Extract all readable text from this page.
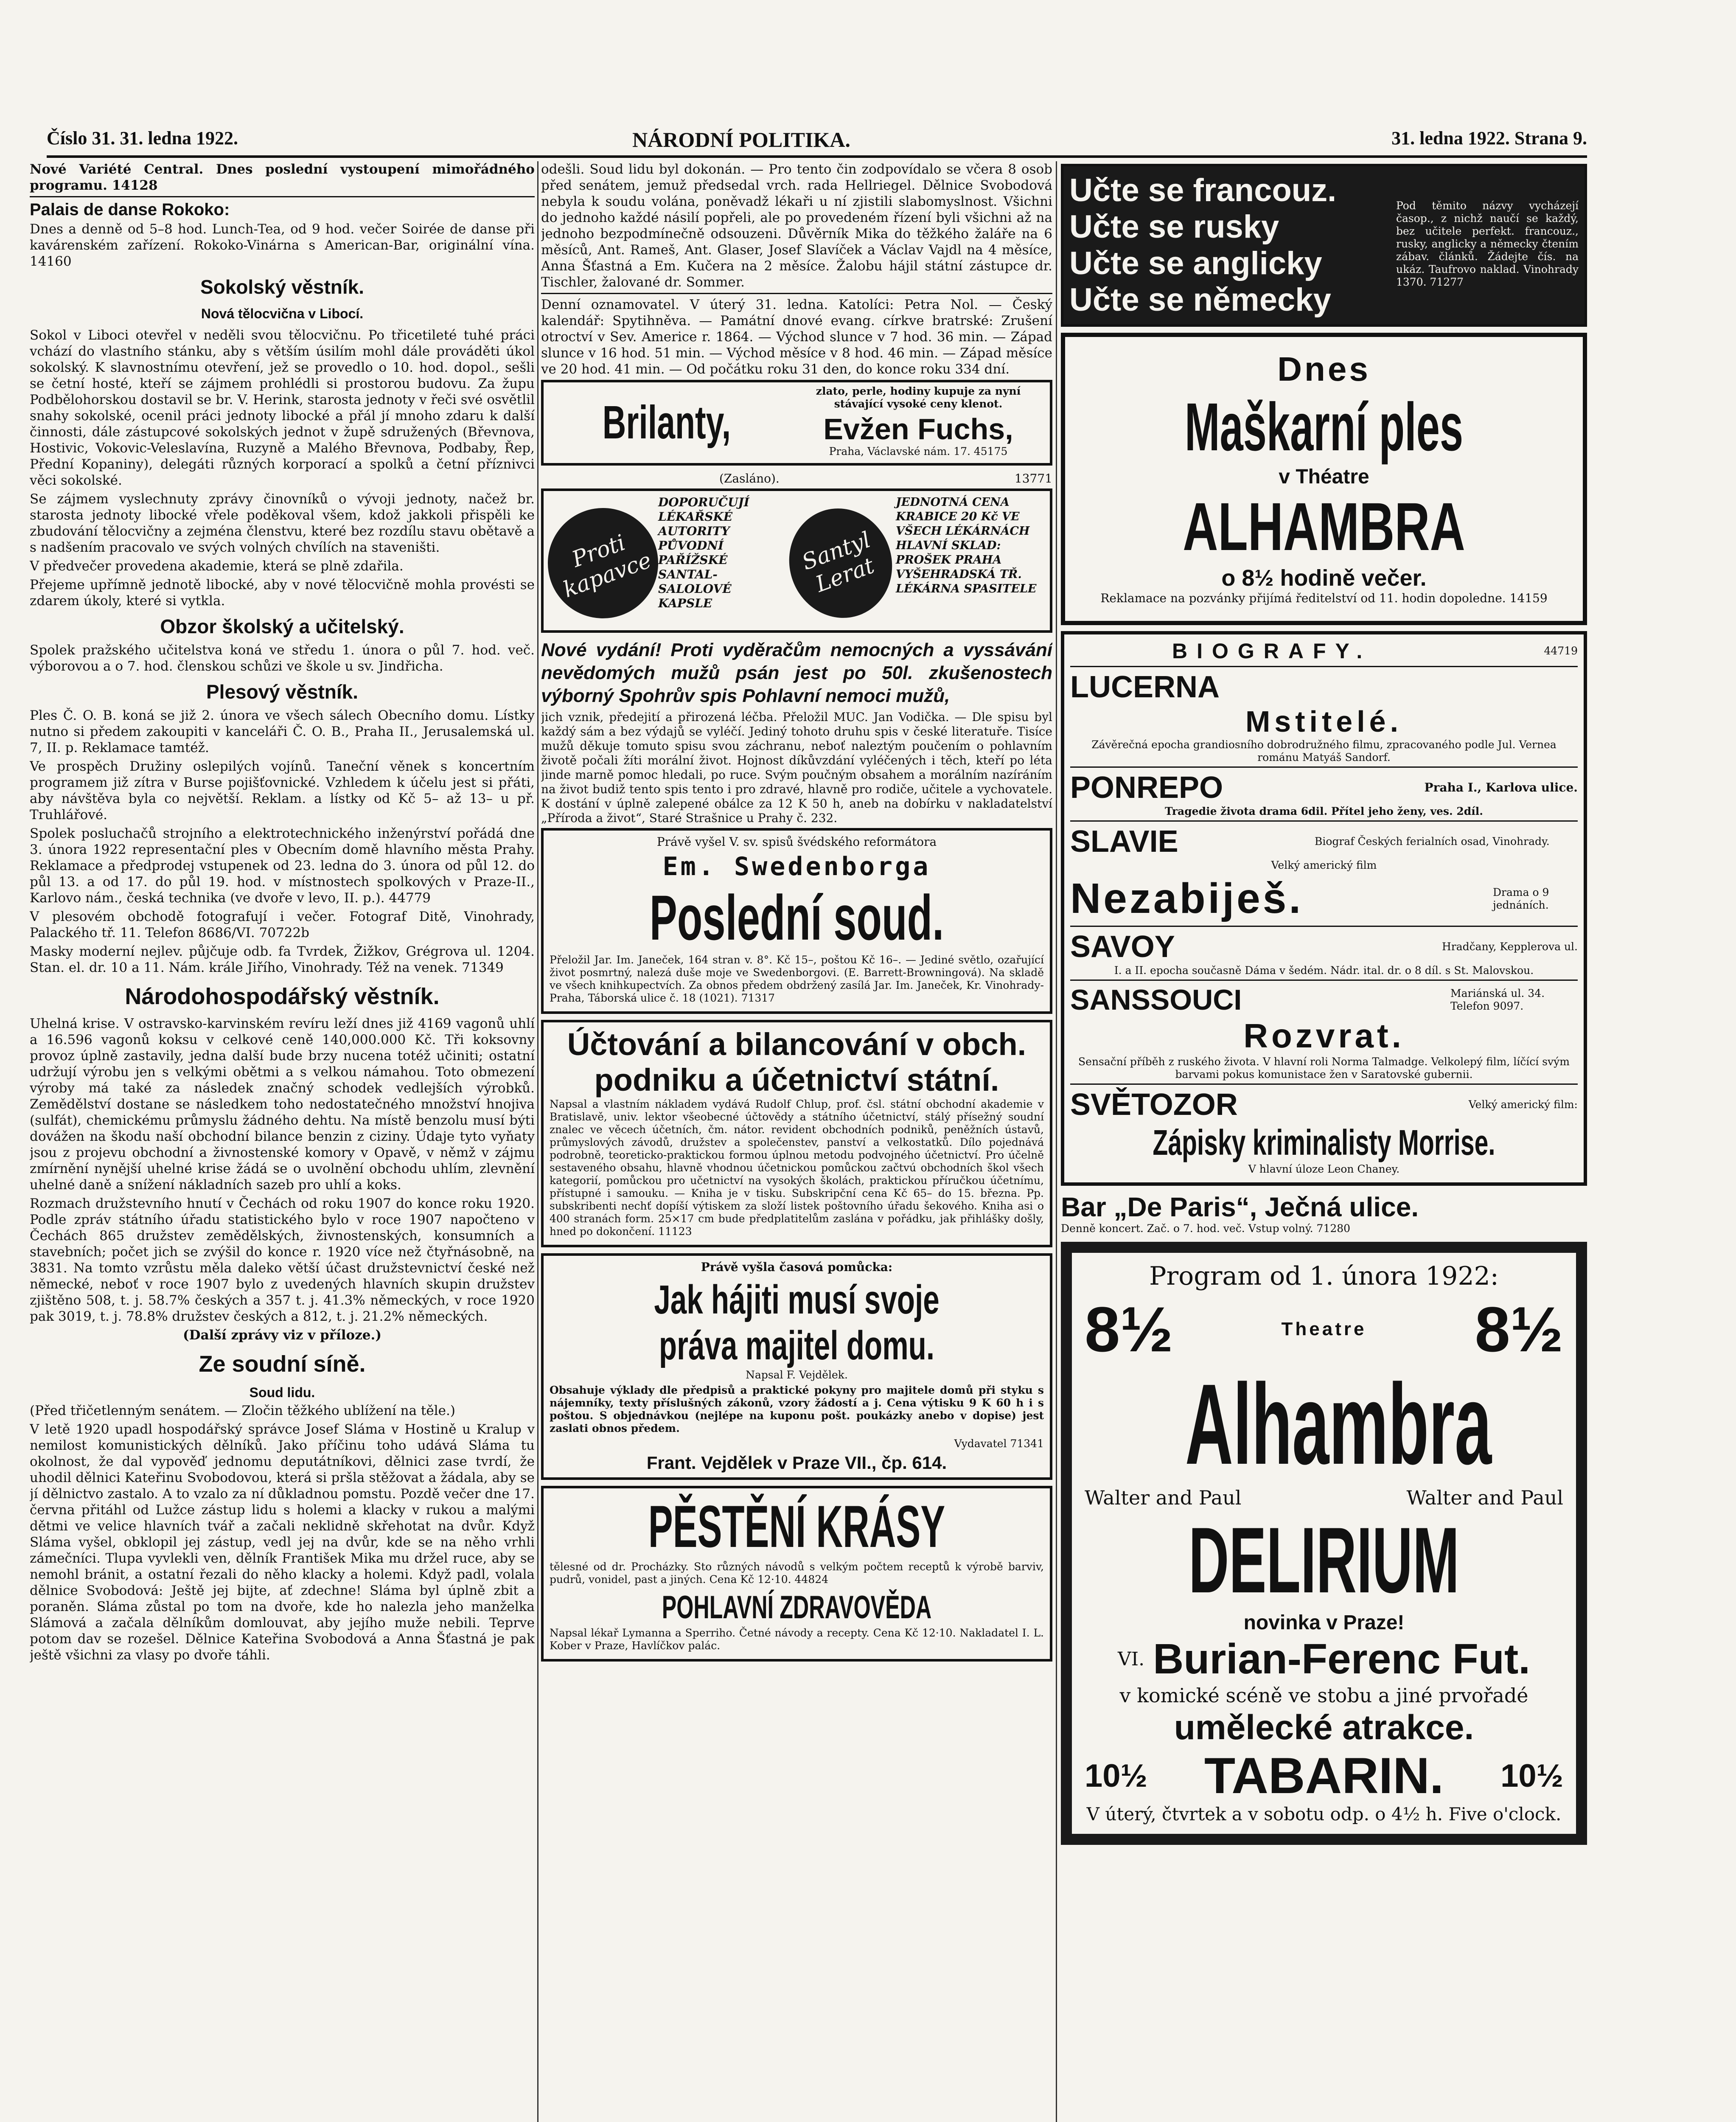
Číslo 31. 31. ledna 1922.	NÁRODNÍ POLITIKA.	31. ledna 1922. Strana 9.

Nové Variété Central. Dnes poslední vystoupení mimořádného programu. 14128

Palais de danse Rokoko:

Dnes a denně od 5–8 hod. Lunch-Tea, od 9 hod. večer Soirée de danse při kavárenském zařízení. Rokoko-Vinárna s American-Bar, originální vína. 14160

Sokolský věstník.
Nová tělocvična v Libocí.

Sokol v Liboci otevřel v neděli svou tělocvičnu. Po třicetileté tuhé práci vchází do vlastního stánku, aby s větším úsilím mohl dále prováděti úkol sokolský. K slavnostnímu otevření, jež se provedlo o 10. hod. dopol., sešli se četní hosté, kteří se zájmem prohlédli si prostorou budovu. Za župu Podbělohorskou dostavil se br. V. Herink, starosta jednoty v řeči své osvětlil snahy sokolské, ocenil práci jednoty libocké a přál jí mnoho zdaru k další činnosti, dále zástupcové sokolských jednot v župě sdružených (Břevnova, Hostivic, Vokovic-Veleslavína, Ruzyně a Malého Břevnova, Podbaby, Řep, Přední Kopaniny), delegáti různých korporací a spolků a četní příznivci věci sokolské.

Se zájmem vyslechnuty zprávy činovníků o vývoji jednoty, načež br. starosta jednoty libocké vřele poděkoval všem, kdož jakkoli přispěli ke zbudování tělocvičny a zejména členstvu, které bez rozdílu stavu obětavě a s nadšením pracovalo ve svých volných chvílích na staveništi.

V předvečer provedena akademie, která se plně zdařila.

Přejeme upřímně jednotě libocké, aby v nové tělocvičně mohla provésti se zdarem úkoly, které si vytkla.

Obzor školský a učitelský.

Spolek pražského učitelstva koná ve středu 1. února o půl 7. hod. več. výborovou a o 7. hod. členskou schůzi ve škole u sv. Jindřicha.

Plesový věstník.

Ples Č. O. B. koná se již 2. února ve všech sálech Obecního domu. Lístky nutno si předem zakoupiti v kanceláři Č. O. B., Praha II., Jerusalemská ul. 7, II. p. Reklamace tamtéž.

Ve prospěch Družiny oslepilých vojínů. Taneční věnek s koncertním programem již zítra v Burse pojišťovnické. Vzhledem k účelu jest si přáti, aby návštěva byla co největší. Reklam. a lístky od Kč 5– až 13– u př. Truhlářové.

Spolek posluchačů strojního a elektrotechnického inženýrství pořádá dne 3. února 1922 representační ples v Obecním domě hlavního města Prahy. Reklamace a předprodej vstupenek od 23. ledna do 3. února od půl 12. do půl 13. a od 17. do půl 19. hod. v místnostech spolkových v Praze-II., Karlovo nám., česká technika (ve dvoře v levo, II. p.). 44779

V plesovém obchodě fotografují i večer. Fotograf Ditě, Vinohrady, Palackého tř. 11. Telefon 8686/VI. 70722b

Masky moderní nejlev. půjčuje odb. fa Tvrdek, Žižkov, Grégrova ul. 1204. Stan. el. dr. 10 a 11. Nám. krále Jiřího, Vinohrady. Též na venek. 71349

Národohospodářský věstník.

Uhelná krise. V ostravsko-karvinském revíru leží dnes již 4169 vagonů uhlí a 16.596 vagonů koksu v celkové ceně 140,000.000 Kč. Tři koksovny provoz úplně zastavily, jedna další bude brzy nucena totéž učiniti; ostatní udržují výrobu jen s velkými obětmi a s velkou námahou. Toto obmezení výroby má také za následek značný schodek vedlejších výrobků. Zemědělství dostane se následkem toho nedostatečného množství hnojiva (sulfát), chemickému průmyslu žádného dehtu. Na místě benzolu musí býti dovážen na škodu naší obchodní bilance benzin z ciziny. Údaje tyto vyňaty jsou z projevu obchodní a živnostenské komory v Opavě, v němž v zájmu zmírnění nynější uhelné krise žádá se o uvolnění obchodu uhlím, zlevnění uhelné daně a snížení nákladních sazeb pro uhlí a koks.

Rozmach družstevního hnutí v Čechách od roku 1907 do konce roku 1920. Podle zpráv státního úřadu statistického bylo v roce 1907 napočteno v Čechách 865 družstev zemědělských, živnostenských, konsumních a stavebních; počet jich se zvýšil do konce r. 1920 více než čtyřnásobně, na 3831. Na tomto vzrůstu měla daleko větší účast družstevnictví české než německé, neboť v roce 1907 bylo z uvedených hlavních skupin družstev zjištěno 508, t. j. 58.7% českých a 357 t. j. 41.3% německých, v roce 1920 pak 3019, t. j. 78.8% družstev českých a 812, t. j. 21.2% německých.

(Další zprávy viz v příloze.)

Ze soudní síně.
Soud lidu.

(Před třičetlenným senátem. — Zločin těžkého ublížení na těle.)

V letě 1920 upadl hospodářský správce Josef Sláma v Hostině u Kralup v nemilost komunistických dělníků. Jako příčinu toho udává Sláma tu okolnost, že dal vypověď jednomu deputátníkovi, dělnici zase tvrdí, že uhodil dělnici Kateřinu Svobodovou, která si pršla stěžovat a žádala, aby se jí dělnictvo zastalo. A to vzalo za ní důkladnou pomstu. Pozdě večer dne 17. června přitáhl od Lužce zástup lidu s holemi a klacky v rukou a malými dětmi ve velice hlavních tvář a začali neklidně skřehotat na dvůr. Když Sláma vyšel, obklopil jej zástup, vedl jej na dvůr, kde se na něho vrhli zámečníci. Tlupa vyvlekli ven, dělník František Mika mu držel ruce, aby se nemohl bránit, a ostatní řezali do něho klacky a holemi. Když padl, volala dělnice Svobodová: Ještě jej bijte, ať zdechne! Sláma byl úplně zbit a poraněn. Sláma zůstal po tom na dvoře, kde ho nalezla jeho manželka Slámová a začala dělníkům domlouvat, aby jejího muže nebili. Teprve potom dav se rozešel. Dělnice Kateřina Svobodová a Anna Šťastná je pak ještě všichni za vlasy po dvoře táhli.

odešli. Soud lidu byl dokonán. — Pro tento čin zodpovídalo se včera 8 osob před senátem, jemuž předsedal vrch. rada Hellriegel. Dělnice Svobodová nebyla k soudu volána, poněvadž lékaři u ní zjistili slabomyslnost. Všichni do jednoho každé násilí popřeli, ale po provedeném řízení byli všichni až na jednoho bezpodmínečně odsouzeni. Důvěrník Mika do těžkého žaláře na 6 měsíců, Ant. Rameš, Ant. Glaser, Josef Slavíček a Václav Vajdl na 4 měsíce, Anna Šťastná a Em. Kučera na 2 měsíce. Žalobu hájil státní zástupce dr. Tischler, žalované dr. Sommer.

Denní oznamovatel. V úterý 31. ledna. Katolíci: Petra Nol. — Český kalendář: Spytihněva. — Památní dnové evang. církve bratrské: Zrušení otroctví v Sev. Americe r. 1864. — Východ slunce v 7 hod. 36 min. — Západ slunce v 16 hod. 51 min. — Východ měsíce v 8 hod. 46 min. — Západ měsíce ve 20 hod. 41 min. — Od počátku roku 31 den, do konce roku 334 dní.

Brilanty,

zlato, perle, hodiny kupuje za nyní stávající vysoké ceny klenot.

Evžen Fuchs,

Praha, Václavské nám. 17. 45175

(Zasláno).	13771
Proti kapavce
DOPORUČUJÍ LÉKAŘSKÉ AUTORITY PŮVODNÍ PAŘÍŽSKÉ SANTAL-SALOLOVÉ KAPSLE
Santyl Lerat
JEDNOTNÁ CENA KRABICE 20 Kč VE VŠECH LÉKÁRNÁCH HLAVNÍ SKLAD: PROŠEK PRAHA VYŠEHRADSKÁ TŘ. LÉKÁRNA SPASITELE

Nové vydání! Proti vyděračům nemocných a vyssávání nevědomých mužů psán jest po 50l. zkušenostech výborný Spohrův spis Pohlavní nemoci mužů,

jich vznik, předejití a přirozená léčba. Přeložil MUC. Jan Vodička. — Dle spisu byl každý sám a bez výdajů se vyléčí. Jediný tohoto druhu spis v české literatuře. Tisíce mužů děkuje tomuto spisu svou záchranu, neboť naleztým poučením o pohlavním životě počali žíti morální život. Hojnost díkůvzdání vyléčených i těch, kteří po léta jinde marně pomoc hledali, po ruce. Svým poučným obsahem a morálním nazíráním na život budiž tento spis tento i pro zdravé, hlavně pro rodiče, učitele a vychovatele. K dostání v úplně zalepené obálce za 12 K 50 h, aneb na dobírku v nakladatelství „Příroda a život“, Staré Strašnice u Prahy č. 232.

Právě vyšel V. sv. spisů švédského reformátora

Em. Swedenborga
Poslední soud.

Přeložil Jar. Im. Janeček, 164 stran v. 8°. Kč 15–, poštou Kč 16–. — Jediné světlo, ozařující život posmrtný, nalezá duše moje ve Swedenborgovi. (E. Barrett-Browningová). Na skladě ve všech knihkupectvích. Za obnos předem obdržený zasílá Jar. Im. Janeček, Kr. Vinohrady-Praha, Táborská ulice č. 18 (1021). 71317

Účtování a bilancování v obch. podniku a účetnictví státní.

Napsal a vlastním nákladem vydává Rudolf Chlup, prof. čsl. státní obchodní akademie v Bratislavě, univ. lektor všeobecné účtovědy a státního účetnictví, stálý přísežný soudní znalec ve věcech účetních, čm. nátor. revident obchodních podniků, peněžních ústavů, průmyslových závodů, družstev a společenstev, panství a velkostatků. Dílo pojednává podrobně, teoreticko-praktickou formou úplnou metodu podvojného účetnictví. Pro účelně sestaveného obsahu, hlavně vhodnou účetnickou pomůckou začtvú obchodních škol všech kategorií, pomůckou pro učetnictví na vysokých školách, praktickou příručkou účetnímu, přístupné i samouku. — Kniha je v tisku. Subskripční cena Kč 65– do 15. března. Pp. subskribenti nechť dopíší výtiskem za složí listek poštovního úřadu šekového. Kniha asi o 400 stranách form. 25×17 cm bude předplatitelům zaslána v pořádku, jak přihlášky došly, hned po dokončení. 11123

Právě vyšla časová pomůcka:

Jak hájiti musí svoje práva majitel domu.

Napsal F. Vejdělek.

Obsahuje výklady dle předpisů a praktické pokyny pro majitele domů při styku s nájemníky, texty příslušných zákonů, vzory žádostí a j. Cena výtisku 9 K 60 h i s poštou. S objednávkou (nejlépe na kuponu pošt. poukázky anebo v dopise) jest zaslati obnos předem.

Vydavatel 71341

Frant. Vejdělek v Praze VII., čp. 614.
PĚSTĚNÍ KRÁSY

tělesné od dr. Procházky. Sto různých návodů s velkým počtem receptů k výrobě barviv, pudrů, vonidel, past a jiných. Cena Kč 12·10. 44824

POHLAVNÍ ZDRAVOVĚDA

Napsal lékař Lymanna a Sperriho. Četné návody a recepty. Cena Kč 12·10. Nakladatel I. L. Kober v Praze, Havlíčkov palác.

Učte se francouz.
Učte se rusky
Učte se anglicky
Učte se německy

Pod těmito názvy vycházejí časop., z nichž naučí se každý, bez učitele perfekt. francouz., rusky, anglicky a německy čtením zábav. článků. Žádejte čís. na ukáz. Taufrovo naklad. Vinohrady 1370. 71277

Dnes
Maškarní ples
v Théatre
ALHAMBRA
o 8½ hodině večer.

Reklamace na pozvánky přijímá ředitelství od 11. hodin dopoledne. 14159

BIOGRAFY.	44719
LUCERNA
Mstitelé.

Závěrečná epocha grandiosního dobrodružného filmu, zpracovaného podle Jul. Vernea románu Matyáš Sandorf.

PONREPO	Praha I., Karlova ulice.

Tragedie života drama 6dil. Přítel jeho ženy, ves. 2díl.

SLAVIE	Biograf Českých ferialních osad, Vinohrady.

Velký americký film

Nezabiješ.	Drama o 9 jednáních.
SAVOY	Hradčany, Kepplerova ul.

I. a II. epocha současně Dáma v šedém. Nádr. ital. dr. o 8 díl. s St. Malovskou.

SANSSOUCI	Mariánská ul. 34. Telefon 9097.
Rozvrat.

Sensační příběh z ruského života. V hlavní roli Norma Talmadge. Velkolepý film, líčící svým barvami pokus komunistace žen v Saratovské gubernii.

SVĚTOZOR	Velký americký film:
Zápisky kriminalisty Morrise.

V hlavní úloze Leon Chaney.

Bar „De Paris“, Ječná ulice.

Denně koncert. Zač. o 7. hod. več. Vstup volný. 71280

Program od 1. února 1922:
8½	Theatre 8½
Alhambra
Walter and Paul	Walter and Paul
DELIRIUM
novinka v Praze!
VI. Burian-Ferenc Fut.
v komické scéně ve stobu a jiné prvořadé
umělecké atrakce.
10½ TABARIN. 10½
V úterý, čtvrtek a v sobotu odp. o 4½ h. Five o'clock.
